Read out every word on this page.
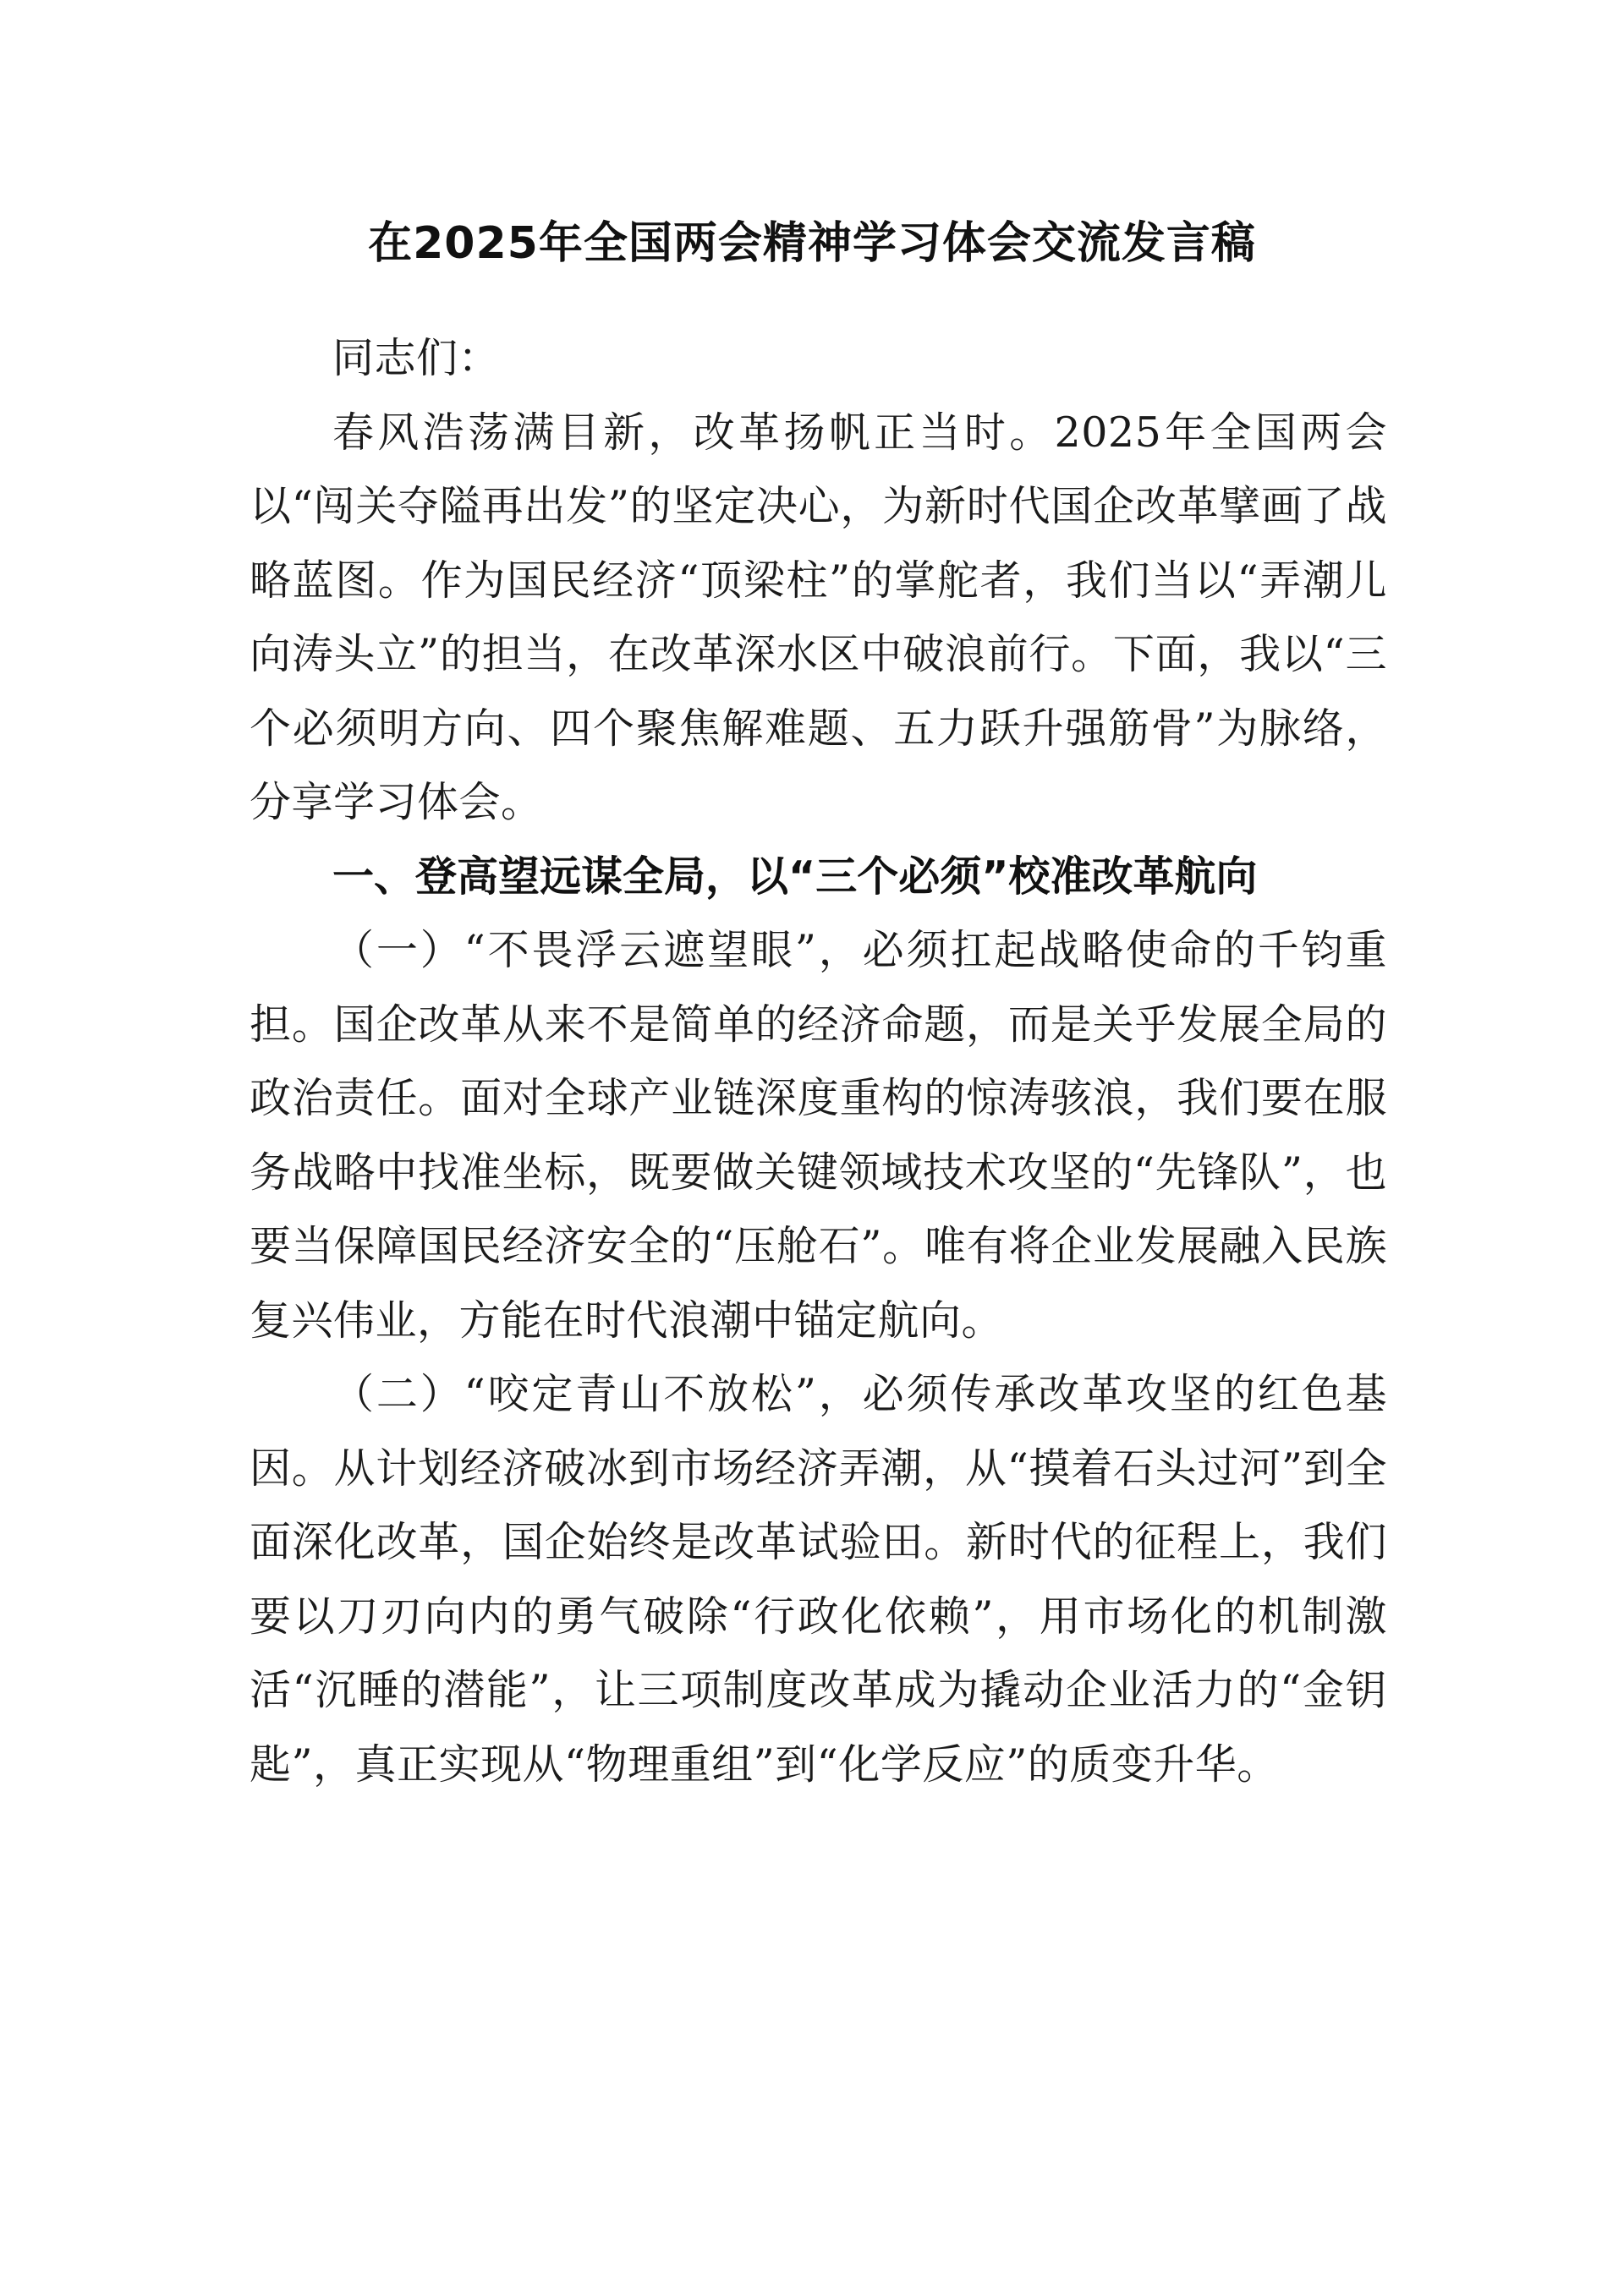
在2025年全国两会精神学习体会交流发言稿

同志们：

春风浩荡满目新，改革扬帆正当时。2025年全国两会以“闯关夺隘再出发”的坚定决心，为新时代国企改革擘画了战略蓝图。作为国民经济“顶梁柱”的掌舵者，我们当以“弄潮儿向涛头立”的担当，在改革深水区中破浪前行。下面，我以“三个必须明方向、四个聚焦解难题、五力跃升强筋骨”为脉络，分享学习体会。

一、登高望远谋全局，以“三个必须”校准改革航向

（一）“不畏浮云遮望眼”，必须扛起战略使命的千钧重担。国企改革从来不是简单的经济命题，而是关乎发展全局的政治责任。面对全球产业链深度重构的惊涛骇浪，我们要在服务战略中找准坐标，既要做关键领域技术攻坚的“先锋队”，也要当保障国民经济安全的“压舱石”。唯有将企业发展融入民族复兴伟业，方能在时代浪潮中锚定航向。

（二）“咬定青山不放松”，必须传承改革攻坚的红色基因。从计划经济破冰到市场经济弄潮，从“摸着石头过河”到全面深化改革，国企始终是改革试验田。新时代的征程上，我们要以刀刃向内的勇气破除“行政化依赖”，用市场化的机制激活“沉睡的潜能”，让三项制度改革成为撬动企业活力的“金钥匙”，真正实现从“物理重组”到“化学反应”的质变升华。
